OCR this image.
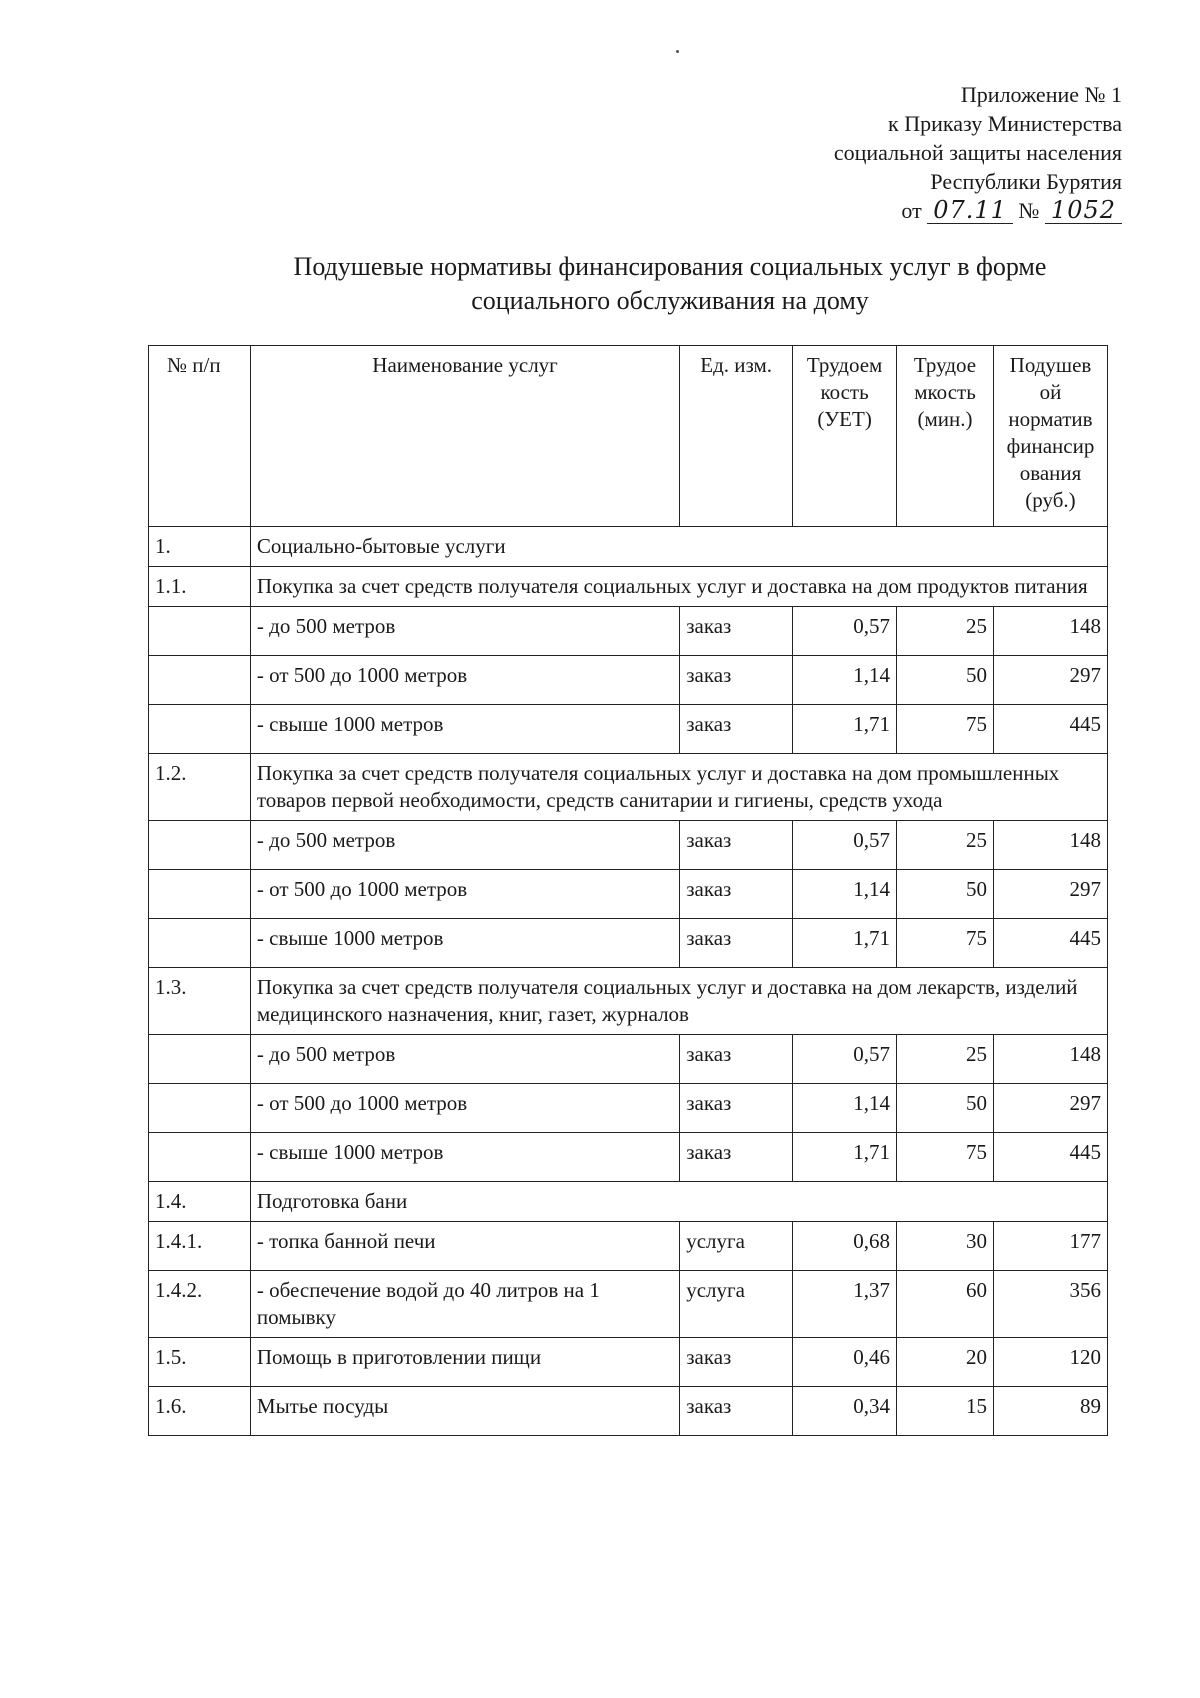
Приложение № 1
к Приказу Министерства
социальной защиты населения
Республики Бурятия
от 07.11 № 1052
Подушевые нормативы финансирования социальных услуг в форме
социального обслуживания на дому
№ п/п	Наименование услуг	Ед. изм.	Трудоем кость (УЕТ)	Трудое мкость (мин.)	Подушев ой норматив финансир ования (руб.)
1.	Социально-бытовые услуги				
1.1.	Покупка за счет средств получателя социальных услуг и доставка на дом продуктов питания				
	- до 500 метров	заказ	0,57	25	148
	- от 500 до 1000 метров	заказ	1,14	50	297
	- свыше 1000 метров	заказ	1,71	75	445
1.2.	Покупка за счет средств получателя социальных услуг и доставка на дом промышленных товаров первой необходимости, средств санитарии и гигиены, средств ухода				
	- до 500 метров	заказ	0,57	25	148
	- от 500 до 1000 метров	заказ	1,14	50	297
	- свыше 1000 метров	заказ	1,71	75	445
1.3.	Покупка за счет средств получателя социальных услуг и доставка на дом лекарств, изделий медицинского назначения, книг, газет, журналов				
	- до 500 метров	заказ	0,57	25	148
	- от 500 до 1000 метров	заказ	1,14	50	297
	- свыше 1000 метров	заказ	1,71	75	445
1.4.	Подготовка бани				
1.4.1.	- топка банной печи	услуга	0,68	30	177
1.4.2.	- обеспечение водой до 40 литров на 1 помывку	услуга	1,37	60	356
1.5.	Помощь в приготовлении пищи	заказ	0,46	20	120
1.6.	Мытье посуды	заказ	0,34	15	89
